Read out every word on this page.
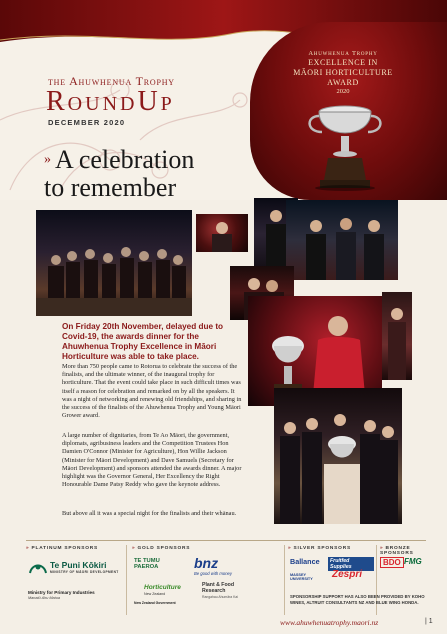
Ahuwhenua Trophy
EXCELLENCE IN
MĀORI HORTICULTURE
AWARD
2020
the Ahuwhenua Trophy
RoundUp
DECEMBER 2020
» A celebration
to remember
On Friday 20th November, delayed due to Covid-19, the awards dinner for the Ahuwhenua Trophy Excellence in Māori Horticulture was able to take place.
More than 750 people came to Rotorua to celebrate the success of the finalists, and the ultimate winner, of the inaugural trophy for horticulture. That the event could take place in such difficult times was itself a reason for celebration and remarked on by all the speakers. It was a night of networking and renewing old friendships, and sharing in the success of the finalists of the Ahuwhenua Trophy and Young Māori Grower award.
A large number of dignitaries, from Te Ao Māori, the government, diplomats, agribusiness leaders and the Competition Trustees Hon Damien O'Connor (Minister for Agriculture), Hon Willie Jackson (Minister for Māori Development) and Dave Samuels (Secretary for Māori Development) and sponsors attended the awards dinner. A major highlight was the Governor General, Her Excellency the Right Honourable Dame Patsy Reddy who gave the keynote address.
But above all it was a special night for the finalists and their whānau.
» PLATINUM SPONSORS
Te Puni Kōkiri
MINISTRY OF MĀORI DEVELOPMENT
Ministry for Primary Industries
Manatū Ahu Matua
» GOLD SPONSORS
TE TUMU PAEROA	bnz
Be good with money
Horticulture
New Zealand
Plant & Food Research
Rangahau Ahumāra Kai
New Zealand Government
» SILVER SPONSORS
Ballance	Fruitfed Supplies
MASSEY UNIVERSITY	Zespri
» BRONZE SPONSORS
BDO FMG
SPONSORSHIP SUPPORT HAS ALSO BEEN PROVIDED BY KOHO WINES, ALTRUIT CONSULTANTS NZ AND BLUE WING HONDA.
www.ahuwhenuatrophy.maori.nz	| 1
